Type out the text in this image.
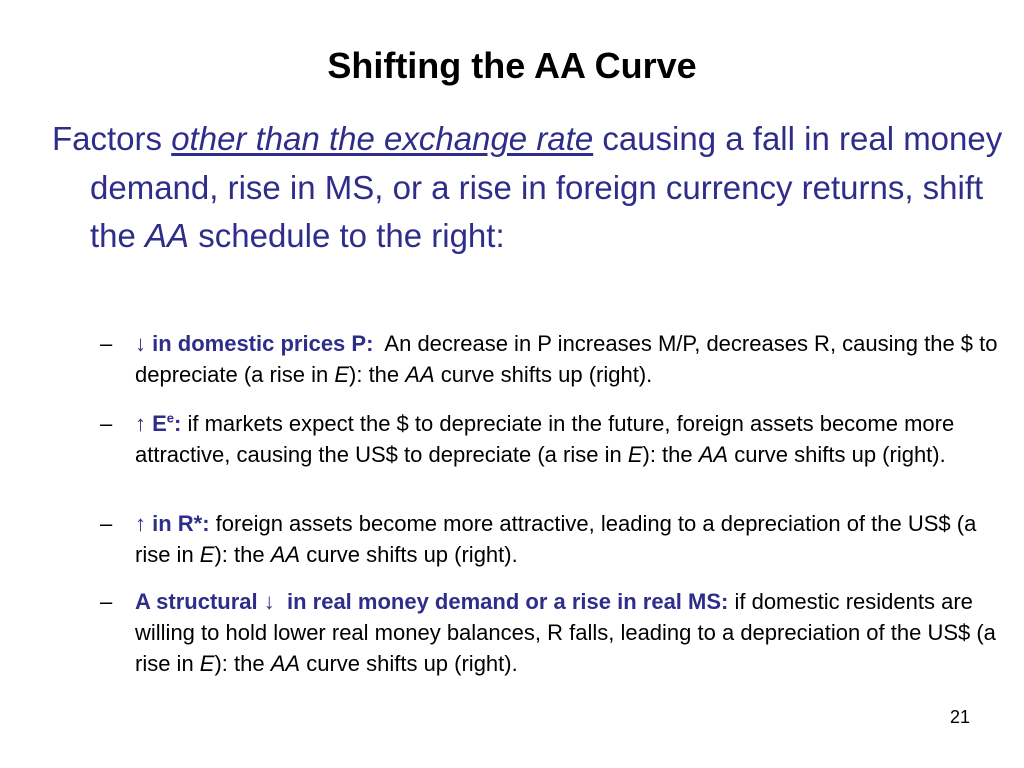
Shifting the AA Curve
Factors other than the exchange rate causing a fall in real money demand, rise in MS, or a rise in foreign currency returns, shift the AA schedule to the right:
– ↓ in domestic prices P:  An decrease in P increases M/P, decreases R, causing the $ to depreciate (a rise in E): the AA curve shifts up (right).
– ↑ $E^e$: if markets expect the $ to depreciate in the future, foreign assets become more attractive, causing the US$ to depreciate (a rise in E): the AA curve shifts up (right).
– ↑ in R*: foreign assets become more attractive, leading to a depreciation of the US$ (a rise in E): the AA curve shifts up (right).
– A structural ↓  in real money demand or a rise in real MS: if domestic residents are willing to hold lower real money balances, R falls, leading to a depreciation of the US$ (a rise in E): the AA curve shifts up (right).
21
